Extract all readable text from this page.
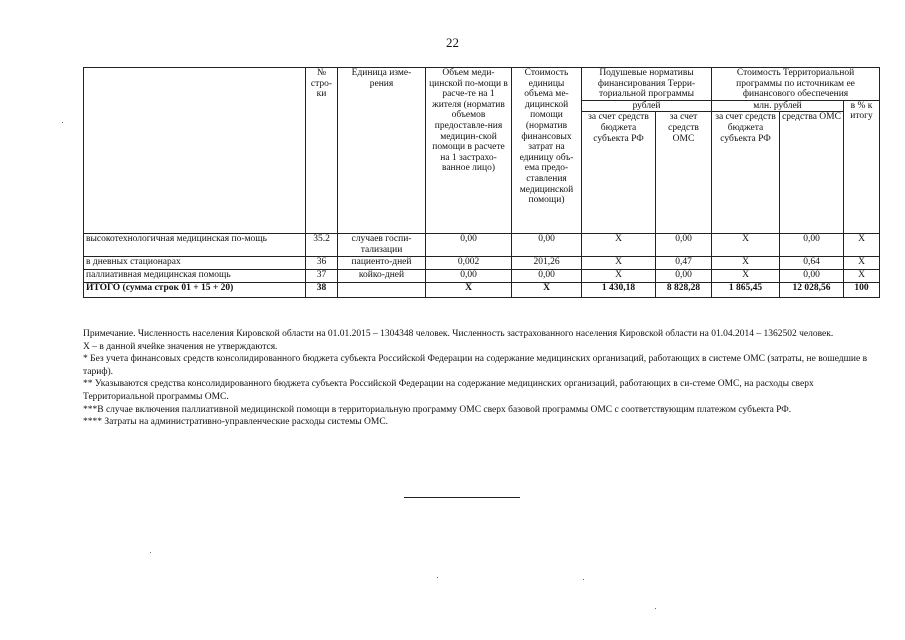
22
	№ стро-ки	Единица изме-рения	Объем меди-цинской по-мощи в расче-те на 1 жителя (норматив объемов предоставле-ния медицин-ской помощи в расчете на 1 застрахо-ванное лицо)	Стоимость единицы объема ме-дицинской помощи (норматив финансовых затрат на единицу объ-ема предо-ставления медицинской помощи)	Подушевые нормативы финансирования Терри-ториальной программы		Стоимость Территориальной программы по источникам ее финансового обеспечения		
					рублей		млн. рублей		в % к итогу
					за счет средств бюджета субъекта РФ	за счет средств ОМС	за счет средств бюджета субъекта РФ	средства ОМС	
высокотехнологичная медицинская по-мощь	35.2	случаев госпи-тализации	0,00	0,00	X	0,00	X	0,00	X
в дневных стационарах	36	пациенто-дней	0,002	201,26	X	0,47	X	0,64	X
паллиативная медицинская помощь	37	койко-дней	0,00	0,00	X	0,00	X	0,00	X
ИТОГО (сумма строк 01 + 15 + 20)	38		X	X	1 430,18	8 828,28	1 865,45	12 028,56	100

Примечание. Численность населения Кировской области на 01.01.2015 – 1304348 человек. Численность застрахованного населения Кировской области на 01.04.2014 – 1362502 человек.

Х – в данной ячейке значения не утверждаются.

* Без учета финансовых средств консолидированного бюджета субъекта Российской Федерации на содержание медицинских организаций, работающих в системе ОМС (затраты, не вошедшие в тариф).

** Указываются средства консолидированного бюджета субъекта Российской Федерации на содержание медицинских организаций, работающих в си-стеме ОМС, на расходы сверх Территориальной программы ОМС.

***В случае включения паллиативной медицинской помощи в территориальную программу ОМС сверх базовой программы ОМС с соответствующим платежом субъекта РФ.

**** Затраты на административно-управленческие расходы системы ОМС.
